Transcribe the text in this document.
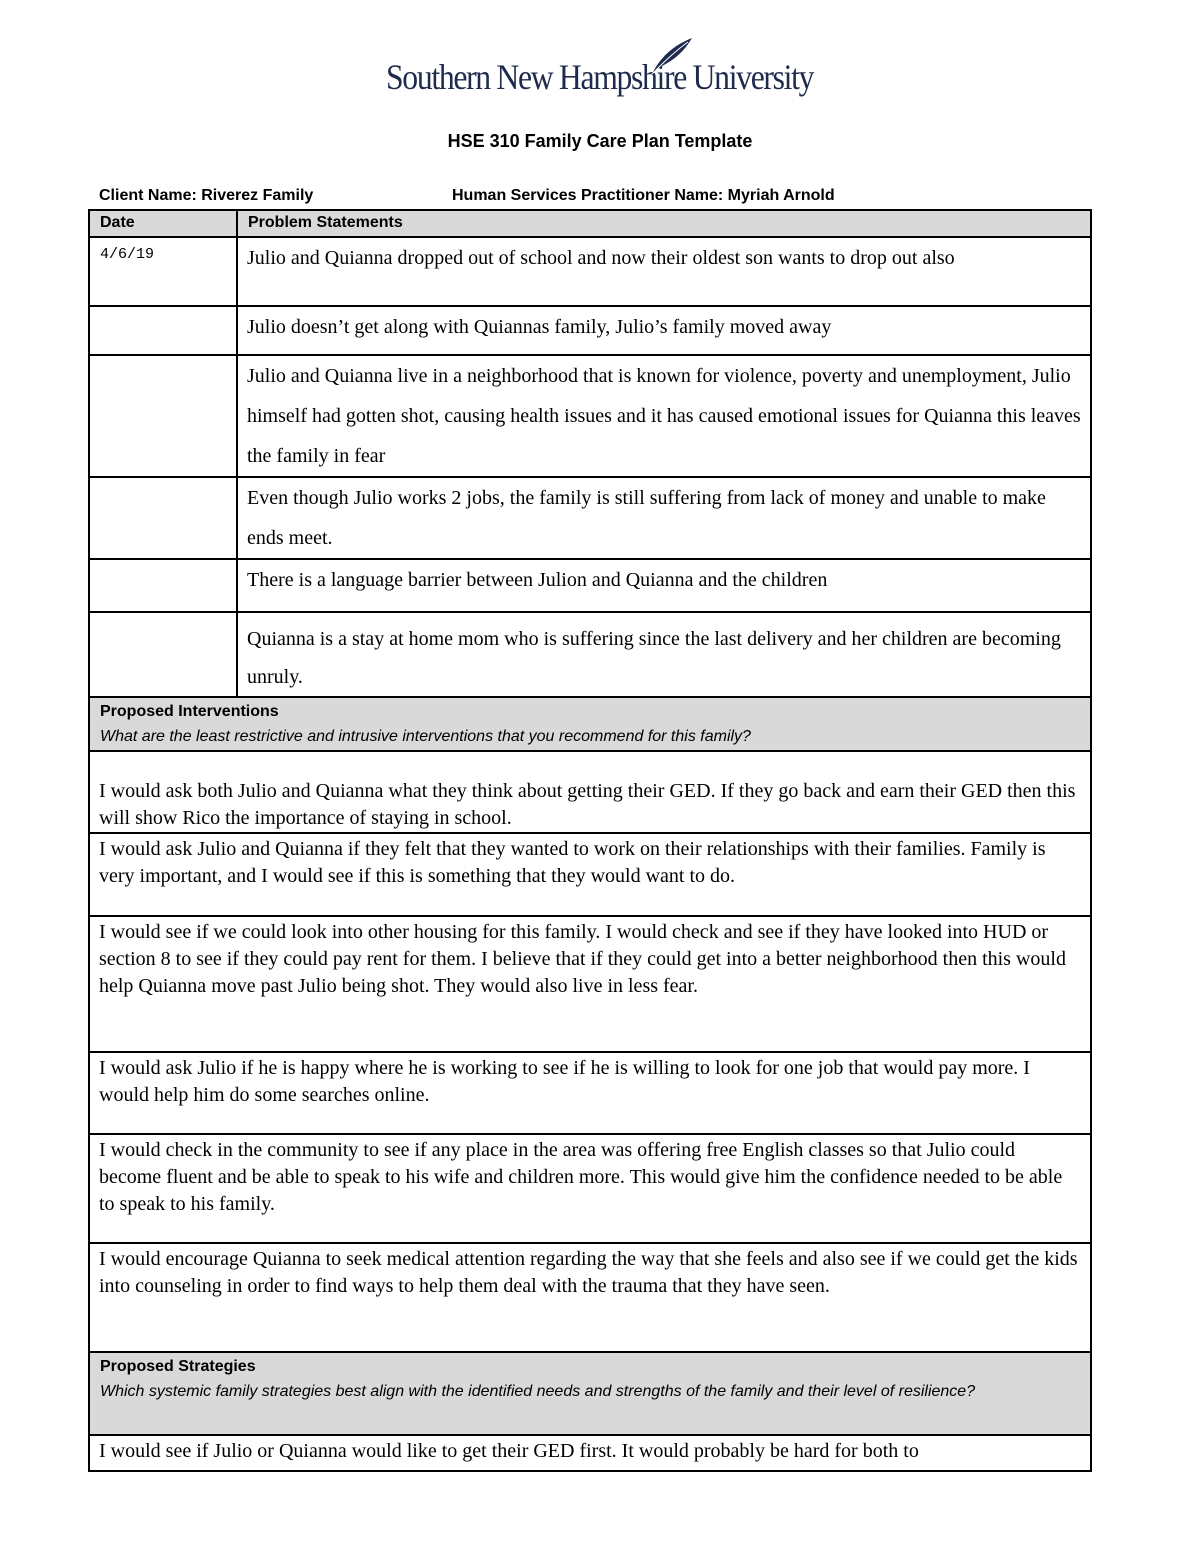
Southern New Hampshire University
HSE 310 Family Care Plan Template
Client Name: Riverez Family	Human Services Practitioner Name: Myriah Arnold
Date	Problem Statements
4/6/19	Julio and Quianna dropped out of school and now their oldest son wants to drop out also
	Julio doesn’t get along with Quiannas family, Julio’s family moved away
	Julio and Quianna live in a neighborhood that is known for violence, poverty and unemployment, Julio himself had gotten shot, causing health issues and it has caused emotional issues for Quianna this leaves the family in fear
	Even though Julio works 2 jobs, the family is still suffering from lack of money and unable to make ends meet.
	There is a language barrier between Julion and Quianna and the children
	Quianna is a stay at home mom who is suffering since the last delivery and her children are becoming unruly.

Proposed Interventions
What are the least restrictive and intrusive interventions that you recommend for this family?	

I would ask both Julio and Quianna what they think about getting their GED. If they go back and earn their GED then this will show Rico the importance of staying in school.	
I would ask Julio and Quianna if they felt that they wanted to work on their relationships with their families. Family is very important, and I would see if this is something that they would want to do.	
I would see if we could look into other housing for this family. I would check and see if they have looked into HUD or section 8 to see if they could pay rent for them. I believe that if they could get into a better neighborhood then this would help Quianna move past Julio being shot. They would also live in less fear.	
I would ask Julio if he is happy where he is working to see if he is willing to look for one job that would pay more. I would help him do some searches online.	
I would check in the community to see if any place in the area was offering free English classes so that Julio could become fluent and be able to speak to his wife and children more. This would give him the confidence needed to be able to speak to his family.	
I would encourage Quianna to seek medical attention regarding the way that she feels and also see if we could get the kids into counseling in order to find ways to help them deal with the trauma that they have seen.	

Proposed Strategies
Which systemic family strategies best align with the identified needs and strengths of the family and their level of resilience?	

I would see if Julio or Quianna would like to get their GED first. It would probably be hard for both to	
